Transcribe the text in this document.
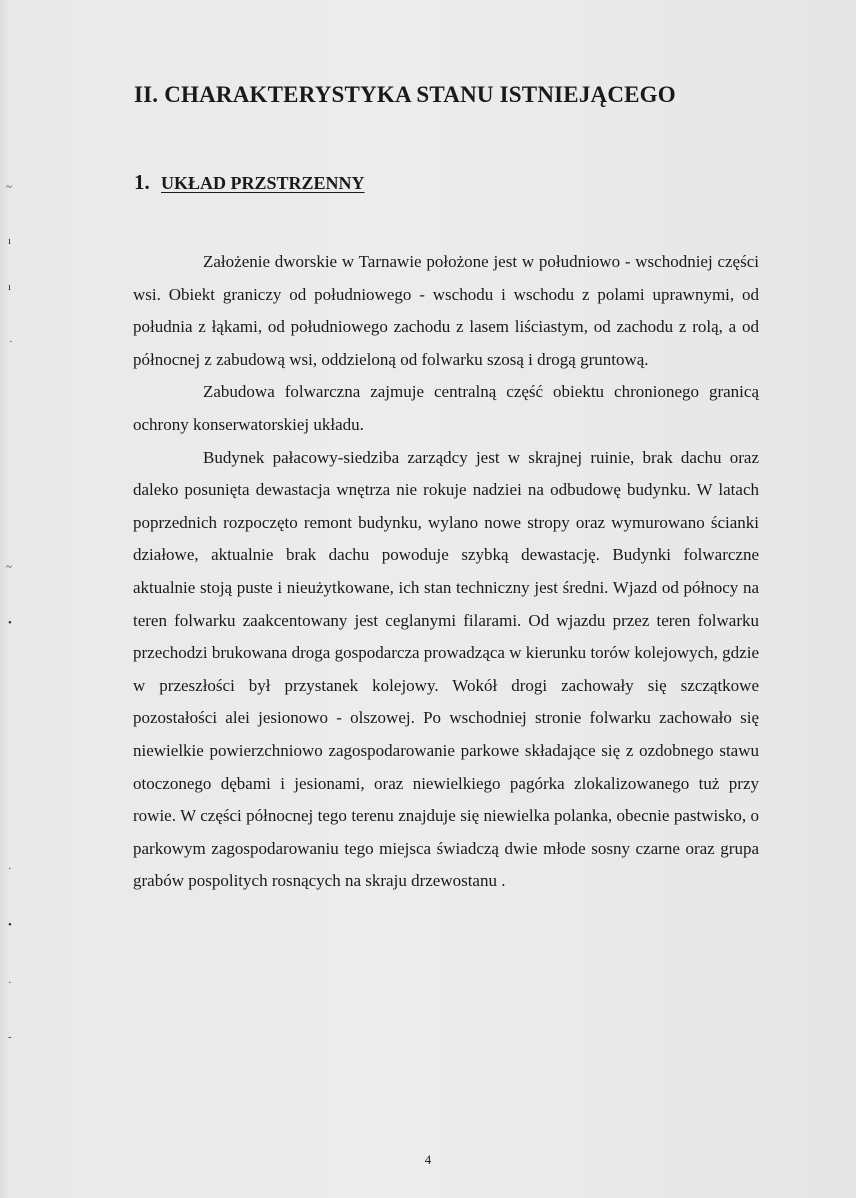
~
ı
ı
·
~
•
·
•
·
-
II. CHARAKTERYSTYKA STANU ISTNIEJĄCEGO
1. UKŁAD PRZSTRZENNY

Założenie dworskie w Tarnawie położone jest w południowo - wschodniej części wsi. Obiekt graniczy od południowego - wschodu i wschodu z polami uprawnymi, od południa z łąkami, od południowego zachodu z lasem liściastym, od zachodu z rolą, a od północnej z zabudową wsi, oddzieloną od folwarku szosą i drogą gruntową.

Zabudowa folwarczna zajmuje centralną część obiektu chronionego granicą ochrony konserwatorskiej układu.

Budynek pałacowy-siedziba zarządcy jest w skrajnej ruinie, brak dachu oraz daleko posunięta dewastacja wnętrza nie rokuje nadziei na odbudowę budynku. W latach poprzednich rozpoczęto remont budynku, wylano nowe stropy oraz wymurowano ścianki działowe, aktualnie brak dachu powoduje szybką dewastację. Budynki folwarczne aktualnie stoją puste i nieużytkowane, ich stan techniczny jest średni. Wjazd od północy na teren folwarku zaakcentowany jest ceglanymi filarami. Od wjazdu przez teren folwarku przechodzi brukowana droga gospodarcza prowadząca w kierunku torów kolejowych, gdzie w przeszłości był przystanek kolejowy. Wokół drogi zachowały się szczątkowe pozostałości alei jesionowo - olszowej. Po wschodniej stronie folwarku zachowało się niewielkie powierzchniowo zagospodarowanie parkowe składające się z ozdobnego stawu otoczonego dębami i jesionami, oraz niewielkiego pagórka zlokalizowanego tuż przy rowie. W części północnej tego terenu znajduje się niewielka polanka, obecnie pastwisko, o parkowym zagospodarowaniu tego miejsca świadczą dwie młode sosny czarne oraz grupa grabów pospolitych rosnących na skraju drzewostanu .

4
